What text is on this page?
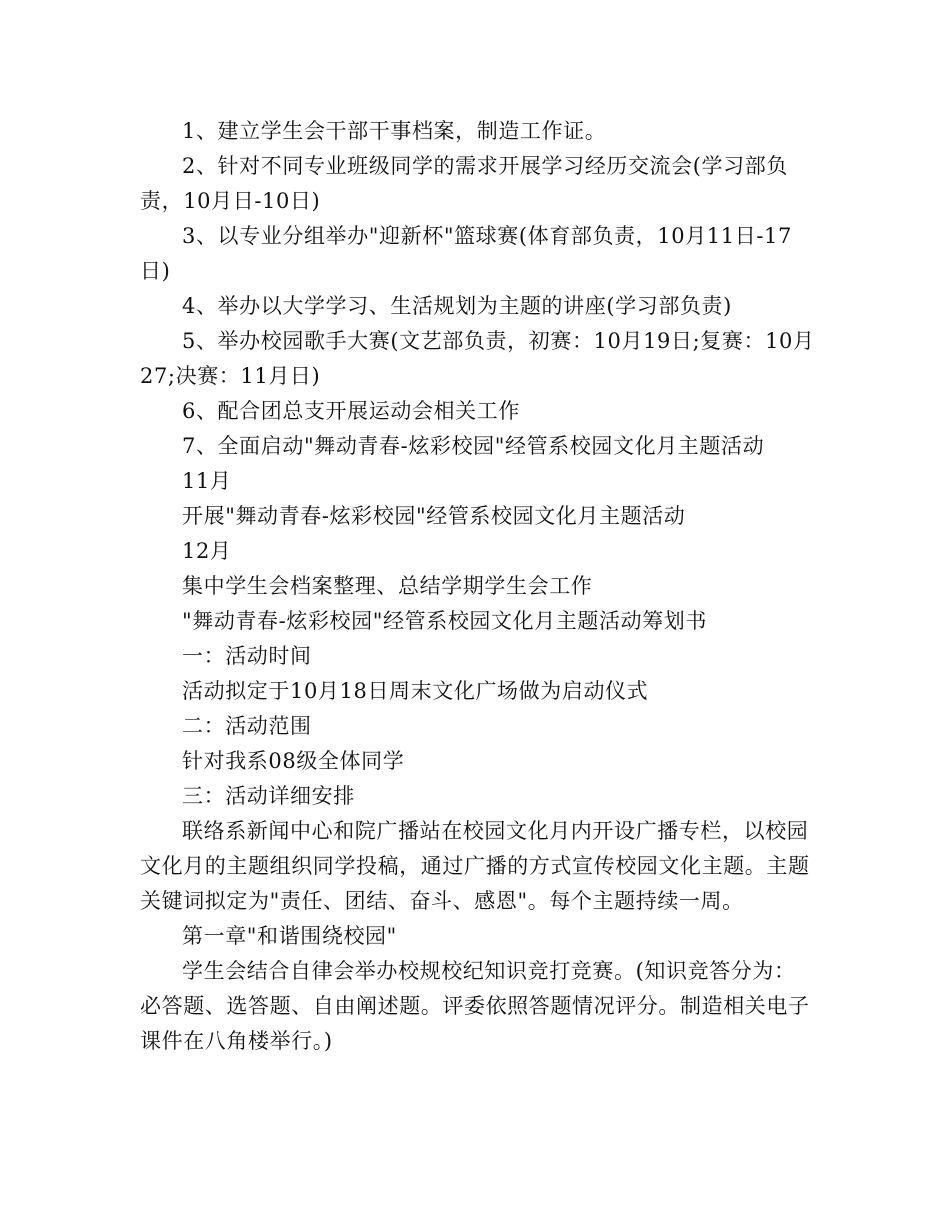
1、建立学生会干部干事档案，制造工作证。

2、针对不同专业班级同学的需求开展学习经历交流会(学习部负责，10月日-10日)

3、以专业分组举办"迎新杯"篮球赛(体育部负责，10月11日-17日)

4、举办以大学学习、生活规划为主题的讲座(学习部负责)

5、举办校园歌手大赛(文艺部负责，初赛：10月19日;复赛：10月27;决赛：11月日)

6、配合团总支开展运动会相关工作

7、全面启动"舞动青春-炫彩校园"经管系校园文化月主题活动

11月

开展"舞动青春-炫彩校园"经管系校园文化月主题活动

12月

集中学生会档案整理、总结学期学生会工作

"舞动青春-炫彩校园"经管系校园文化月主题活动筹划书

一：活动时间

活动拟定于10月18日周末文化广场做为启动仪式

二：活动范围

针对我系08级全体同学

三：活动详细安排

联络系新闻中心和院广播站在校园文化月内开设广播专栏，以校园文化月的主题组织同学投稿，通过广播的方式宣传校园文化主题。主题关键词拟定为"责任、团结、奋斗、感恩"。每个主题持续一周。

第一章"和谐围绕校园"

学生会结合自律会举办校规校纪知识竞打竞赛。(知识竞答分为：必答题、选答题、自由阐述题。评委依照答题情况评分。制造相关电子课件在八角楼举行。)
